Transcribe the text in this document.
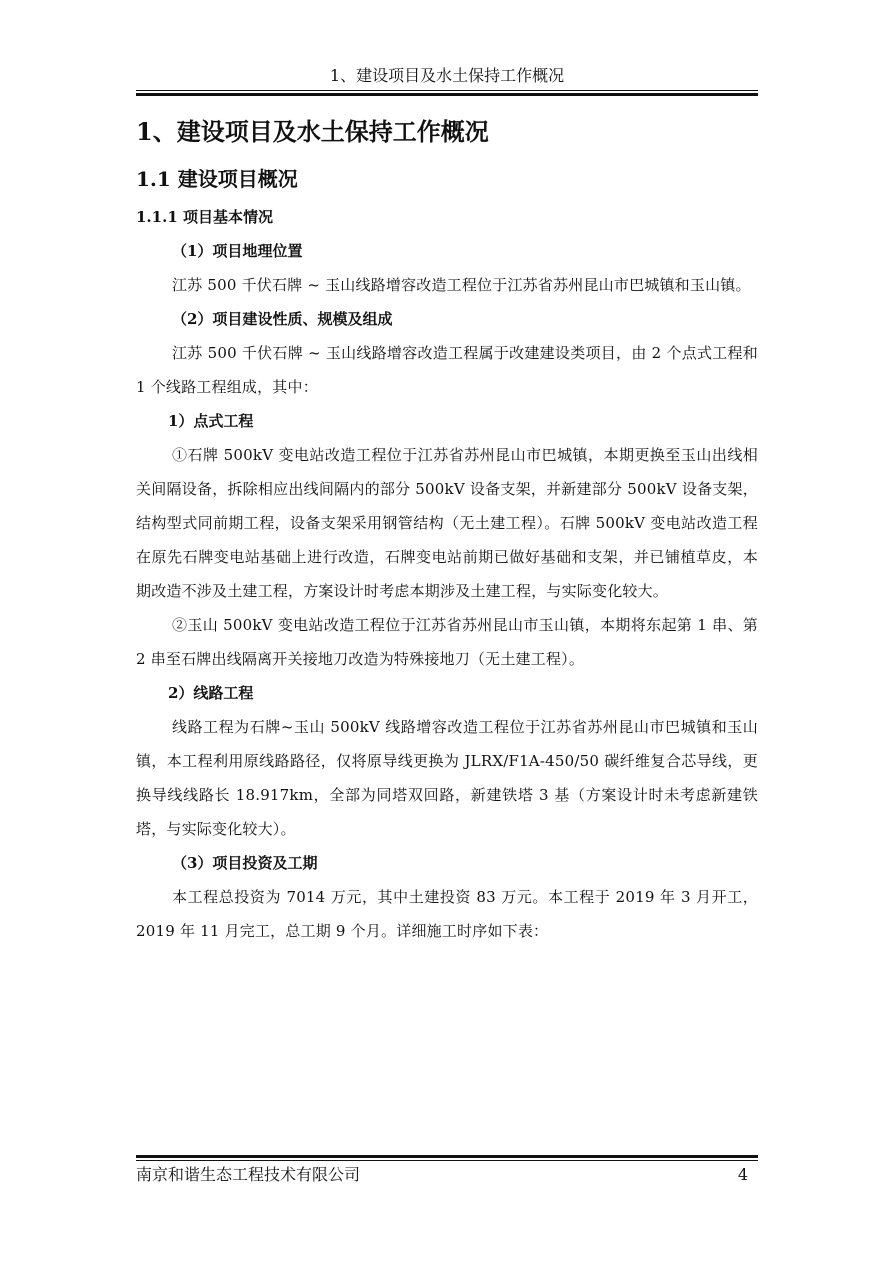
1、建设项目及水土保持工作概况
1、建设项目及水土保持工作概况
1.1 建设项目概况
1.1.1 项目基本情况
（1）项目地理位置

江苏 500 千伏石牌 ~ 玉山线路增容改造工程位于江苏省苏州昆山市巴城镇和玉山镇。

（2）项目建设性质、规模及组成

江苏 500 千伏石牌 ~ 玉山线路增容改造工程属于改建建设类项目，由 2 个点式工程和 1 个线路工程组成，其中：

1）点式工程

①石牌 500kV 变电站改造工程位于江苏省苏州昆山市巴城镇，本期更换至玉山出线相关间隔设备，拆除相应出线间隔内的部分 500kV 设备支架，并新建部分 500kV 设备支架，结构型式同前期工程，设备支架采用钢管结构（无土建工程）。石牌 500kV 变电站改造工程在原先石牌变电站基础上进行改造，石牌变电站前期已做好基础和支架，并已铺植草皮，本期改造不涉及土建工程，方案设计时考虑本期涉及土建工程，与实际变化较大。

②玉山 500kV 变电站改造工程位于江苏省苏州昆山市玉山镇，本期将东起第 1 串、第 2 串至石牌出线隔离开关接地刀改造为特殊接地刀（无土建工程）。

2）线路工程

线路工程为石牌~玉山 500kV 线路增容改造工程位于江苏省苏州昆山市巴城镇和玉山镇，本工程利用原线路路径，仅将原导线更换为 JLRX/F1A-450/50 碳纤维复合芯导线，更换导线线路长 18.917km，全部为同塔双回路，新建铁塔 3 基（方案设计时未考虑新建铁塔，与实际变化较大）。

（3）项目投资及工期

本工程总投资为 7014 万元，其中土建投资 83 万元。本工程于 2019 年 3 月开工，2019 年 11 月完工，总工期 9 个月。详细施工时序如下表：

南京和谐生态工程技术有限公司	4
